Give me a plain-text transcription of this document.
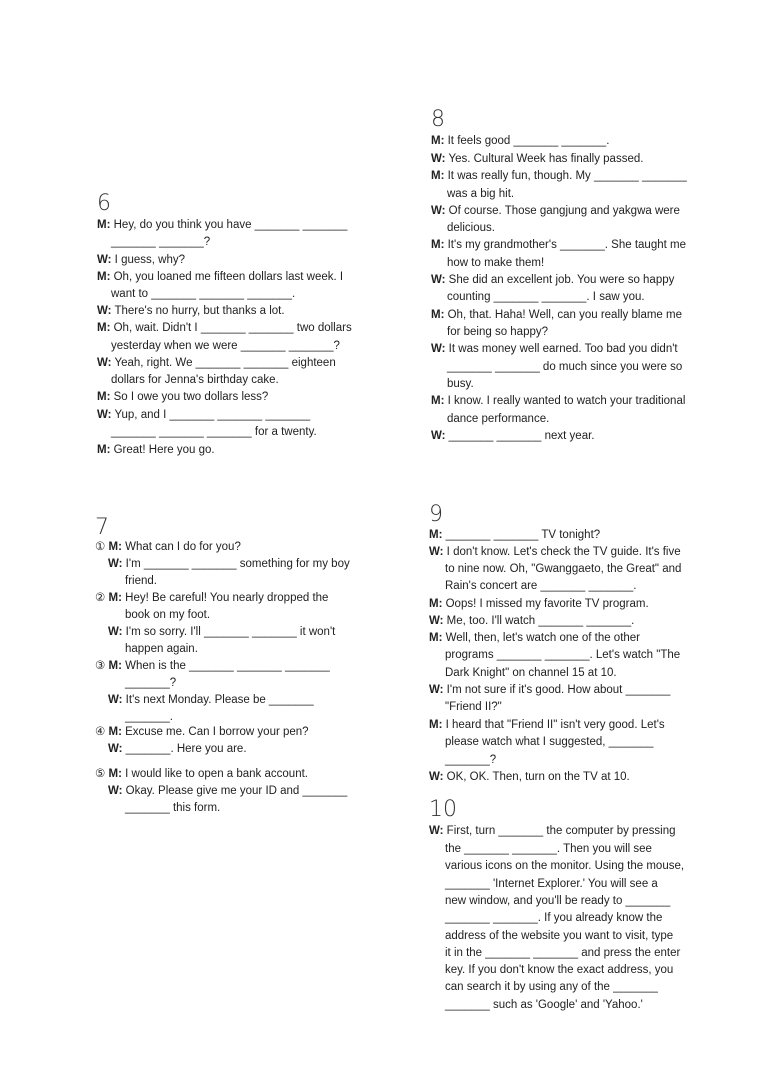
6
M: Hey, do you think you have _______ _______
_______ _______?
W: I guess, why?
M: Oh, you loaned me fifteen dollars last week. I
want to _______ _______ _______.
W: There's no hurry, but thanks a lot.
M: Oh, wait. Didn't I _______ _______ two dollars
yesterday when we were _______ _______?
W: Yeah, right. We _______ _______ eighteen
dollars for Jenna's birthday cake.
M: So I owe you two dollars less?
W: Yup, and I _______ _______ _______
_______ _______ _______ for a twenty.
M: Great! Here you go.
7
① M: What can I do for you?
W: I'm _______ _______ something for my boy
friend.
② M: Hey! Be careful! You nearly dropped the
book on my foot.
W: I'm so sorry. I'll _______ _______ it won't
happen again.
③ M: When is the _______ _______ _______
_______?
W: It's next Monday. Please be _______
_______.
④ M: Excuse me. Can I borrow your pen?
W: _______. Here you are.
⑤ M: I would like to open a bank account.
W: Okay. Please give me your ID and _______
_______ this form.
8
M: It feels good _______ _______.
W: Yes. Cultural Week has finally passed.
M: It was really fun, though. My _______ _______
was a big hit.
W: Of course. Those gangjung and yakgwa were
delicious.
M: It's my grandmother's _______. She taught me
how to make them!
W: She did an excellent job. You were so happy
counting _______ _______. I saw you.
M: Oh, that. Haha! Well, can you really blame me
for being so happy?
W: It was money well earned. Too bad you didn't
_______ _______ do much since you were so
busy.
M: I know. I really wanted to watch your traditional
dance performance.
W: _______ _______ next year.
9
M: _______ _______ TV tonight?
W: I don't know. Let's check the TV guide. It's five
to nine now. Oh, "Gwanggaeto, the Great" and
Rain's concert are _______ _______.
M: Oops! I missed my favorite TV program.
W: Me, too. I'll watch _______ _______.
M: Well, then, let's watch one of the other
programs _______ _______. Let's watch "The
Dark Knight" on channel 15 at 10.
W: I'm not sure if it's good. How about _______
"Friend II?"
M: I heard that "Friend II" isn't very good. Let's
please watch what I suggested, _______
_______?
W: OK, OK. Then, turn on the TV at 10.
10
W: First, turn _______ the computer by pressing
the _______ _______. Then you will see
various icons on the monitor. Using the mouse,
_______ 'Internet Explorer.' You will see a
new window, and you'll be ready to _______
_______ _______. If you already know the
address of the website you want to visit, type
it in the _______ _______ and press the enter
key. If you don't know the exact address, you
can search it by using any of the _______
_______ such as 'Google' and 'Yahoo.'
